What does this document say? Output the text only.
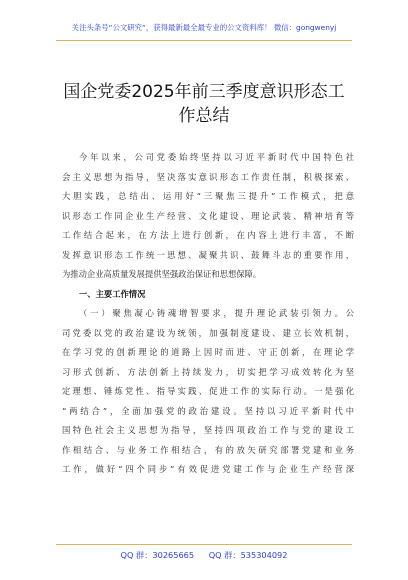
关注头条号“公文研究”，获得最新最全最专业的公文资料库！ 微信：gongwenyj
国企党委2025年前三季度意识形态工
作总结
今年以来，公司党委始终坚持以习近平新时代中国特色社
会主义思想为指导，坚决落实意识形态工作责任制，积极探索、
大胆实践，总结出、运用好“三聚焦三提升”工作模式，把意
识形态工作同企业生产经营、文化建设、理论武装、精神培育等
工作结合起来，在方法上进行创新，在内容上进行丰富，不断
发挥意识形态工作统一思想、凝聚共识、鼓舞斗志的重要作用，
为推动企业高质量发展提供坚强政治保证和思想保障。
一、主要工作情况
（一）聚焦凝心铸魂增智要求，提升理论武装引领力。公
司党委以党的政治建设为统领，加强制度建设、建立长效机制，
在学习党的创新理论的道路上因时而进、守正创新，在理论学
习形式创新、方法创新上持续发力，切实把学习成效转化为坚
定理想、锤炼党性、指导实践、促进工作的实际行动。一是强化
“两结合”，全面加强党的政治建设。坚持以习近平新时代中
国特色社会主义思想为指导，坚持四项政治工作与党的建设工
作相结合、与业务工作相结合，有的放矢研究部署党建和业务
工作，做好“四个同步”有效促进党建工作与企业生产经营深
QQ 群：30265665 QQ 群：535304092
